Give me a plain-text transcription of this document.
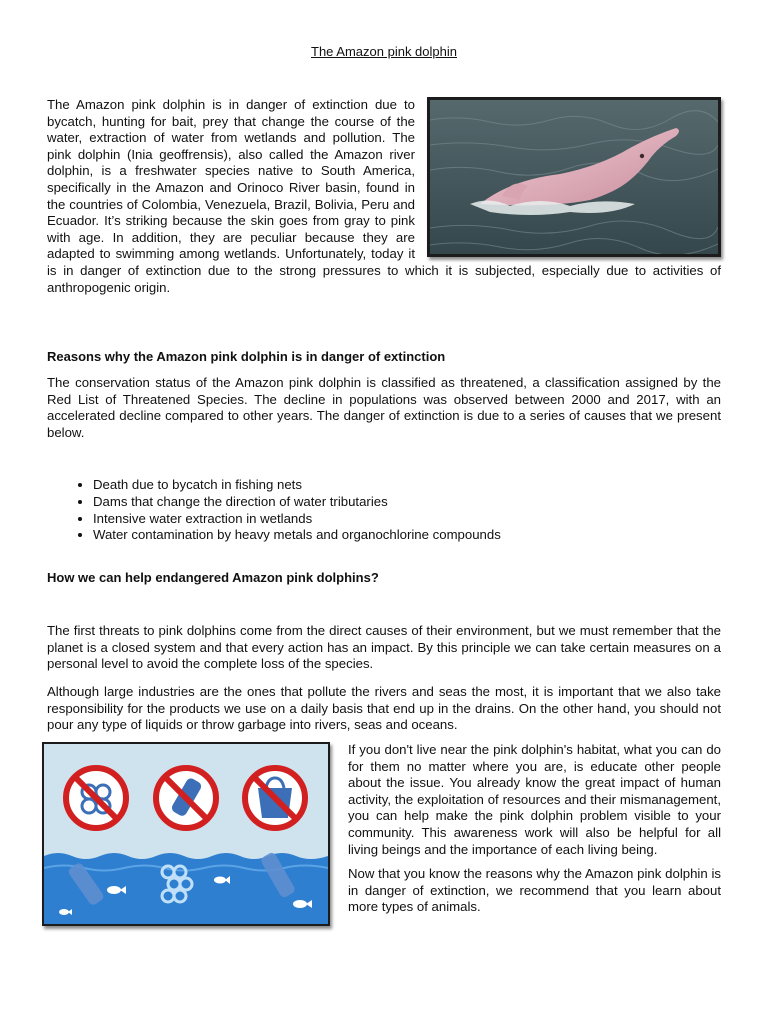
The Amazon pink dolphin
The Amazon pink dolphin is in danger of extinction due to bycatch, hunting for bait, prey that change the course of the water, extraction of water from wetlands and pollution. The pink dolphin (Inia geoffrensis), also called the Amazon river dolphin, is a freshwater species native to South America, specifically in the Amazon and Orinoco River basin, found in the countries of Colombia, Venezuela, Brazil, Bolivia, Peru and Ecuador. It’s striking because the skin goes from gray to pink with age. In addition, they are peculiar because they are adapted to swimming among wetlands. Unfortunately, today it is in danger of extinction due to the strong pressures to which it is subjected, especially due to activities of anthropogenic origin.
Reasons why the Amazon pink dolphin is in danger of extinction

The conservation status of the Amazon pink dolphin is classified as threatened, a classification assigned by the Red List of Threatened Species. The decline in populations was observed between 2000 and 2017, with an accelerated decline compared to other years. The danger of extinction is due to a series of causes that we present below.

• Death due to bycatch in fishing nets
• Dams that change the direction of water tributaries
• Intensive water extraction in wetlands
• Water contamination by heavy metals and organochlorine compounds
How we can help endangered Amazon pink dolphins?

The first threats to pink dolphins come from the direct causes of their environment, but we must remember that the planet is a closed system and that every action has an impact. By this principle we can take certain measures on a personal level to avoid the complete loss of the species.

Although large industries are the ones that pollute the rivers and seas the most, it is important that we also take responsibility for the products we use on a daily basis that end up in the drains. On the other hand, you should not pour any type of liquids or throw garbage into rivers, seas and oceans.

If you don't live near the pink dolphin's habitat, what you can do for them no matter where you are, is educate other people about the issue. You already know the great impact of human activity, the exploitation of resources and their mismanagement, you can help make the pink dolphin problem visible to your community. This awareness work will also be helpful for all living beings and the importance of each living being.

Now that you know the reasons why the Amazon pink dolphin is in danger of extinction, we recommend that you learn about more types of animals.
